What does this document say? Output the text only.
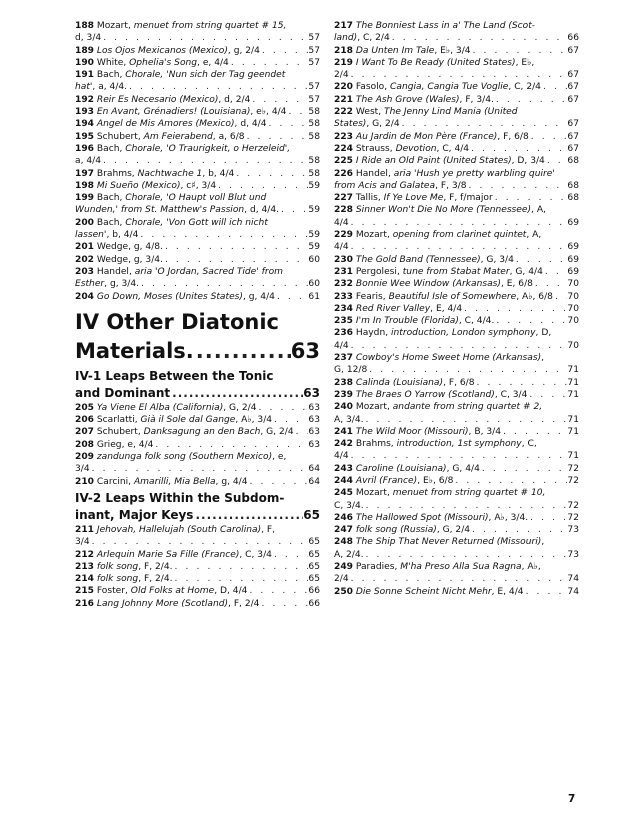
188 Mozart, menuet from string quartet # 15,
d, 3/4 . . .	57
189 Los Ojos Mexicanos (Mexico), g, 2/4 . . .	57
190 White, Ophelia's Song, e, 4/4 . . .	57
191 Bach, Chorale, 'Nun sich der Tag geendet
hat', a, 4/4. . . .	57
192 Reir Es Necesario (Mexico), d, 2/4 . . .	57
193 En Avant, Grénadiers! (Louisiana), e♭, 4/4 . . . 58
194 Angel de Mis Amores (Mexico), d, 4/4 . . .	58
195 Schubert, Am Feierabend, a, 6/8 . . .	58
196 Bach, Chorale, 'O Traurigkeit, o Herzeleid',
a, 4/4 . . .	58
197 Brahms, Nachtwache 1, b, 4/4 . . .	58
198 Mi Sueño (Mexico), c♯, 3/4 . . .	59
199 Bach, Chorale, 'O Haupt voll Blut und
Wunden,' from St. Matthew's Passion, d, 4/4. . . .	59
200 Bach, Chorale, 'Von Gott will ich nicht
lassen', b, 4/4 . . .	59
201 Wedge, g, 4/8. . . .	59
202 Wedge, g, 3/4. . . .	60
203 Handel, aria 'O Jordan, Sacred Tide' from
Esther, g, 3/4. . . .	60
204 Go Down, Moses (Unites States), g, 4/4 . . .	61
IV Other Diatonic
Materials. .....	63
IV-1 Leaps Between the Tonic
and Dominant .....	63
205 Ya Viene El Alba (California), G, 2/4 . . .	63
206 Scarlatti, Già il Sole dal Gange, A♭, 3/4 . . .	63
207 Schubert, Danksagung an den Bach, G, 2/4 . . . 63
208 Grieg, e, 4/4 . . .	63
209 zandunga folk song (Southern Mexico), e,
3/4 . . .	64
210 Carcini, Amarilli, Mia Bella, g, 4/4 . . .	64
IV-2 Leaps Within the Subdom-
inant, Major Keys .....	65
211 Jehovah, Hallelujah (South Carolina), F,
3/4 . . .	65
212 Arlequin Marie Sa Fille (France), C, 3/4 . . .	65
213 folk song, F, 2/4. . . .	65
214 folk song, F, 2/4. . . .	65
215 Foster, Old Folks at Home, D, 4/4 . . .	66
216 Lang Johnny More (Scotland), F, 2/4 . . .	66
217 The Bonniest Lass in a' The Land (Scot-
land), C, 2/4 . . .	66
218 Da Unten Im Tale, E♭, 3/4 . . .	67
219 I Want To Be Ready (United States), E♭,
2/4 . . .	67
220 Fasolo, Cangia, Cangia Tue Voglie, C, 2/4 . . .	67
221 The Ash Grove (Wales), F, 3/4. . . .	67
222 West, The Jenny Lind Mania (United
States), G, 2/4 . . .	67
223 Au Jardin de Mon Père (France), F, 6/8 . . .	67
224 Strauss, Devotion, C, 4/4 . . .	67
225 I Ride an Old Paint (United States), D, 3/4 . . . 68
226 Handel, aria 'Hush ye pretty warbling quire'
from Acis and Galatea, F, 3/8 . . .	68
227 Tallis, If Ye Love Me, F, f/major . . .	68
228 Sinner Won't Die No More (Tennessee), A,
4/4 . . .	69
229 Mozart, opening from clarinet quintet, A,
4/4 . . .	69
230 The Gold Band (Tennessee), G, 3/4 . . .	69
231 Pergolesi, tune from Stabat Mater, G, 4/4 . . .	69
232 Bonnie Wee Window (Arkansas), E, 6/8 . . .	70
233 Fearis, Beautiful Isle of Somewhere, A♭, 6/8 . . . 70
234 Red River Valley, E, 4/4 . . .	70
235 I'm In Trouble (Florida), C, 4/4. . . .	70
236 Haydn, introduction, London symphony, D,
4/4 . . .	70
237 Cowboy's Home Sweet Home (Arkansas),
G, 12/8 . . .	71
238 Calinda (Louisiana), F, 6/8 . . .	71
239 The Braes O Yarrow (Scotland), C, 3/4 . . .	71
240 Mozart, andante from string quartet # 2,
A, 3/4. . . .	71
241 The Wild Moor (Missouri), B, 3/4 . . .	71
242 Brahms, introduction, 1st symphony, C,
4/4 . . .	71
243 Caroline (Louisiana), G, 4/4 . . .	72
244 Avril (France), E♭, 6/8 . . .	72
245 Mozart, menuet from string quartet # 10,
C, 3/4. . . .	72
246 The Hallowed Spot (Missouri), A♭, 3/4. . . .	72
247 folk song (Russia), G, 2/4 . . .	73
248 The Ship That Never Returned (Missouri),
A, 2/4. . . .	73
249 Paradies, M'ha Preso Alla Sua Ragna, A♭,
2/4 . . .	74
250 Die Sonne Scheint Nicht Mehr, E, 4/4 . . .	74
7
